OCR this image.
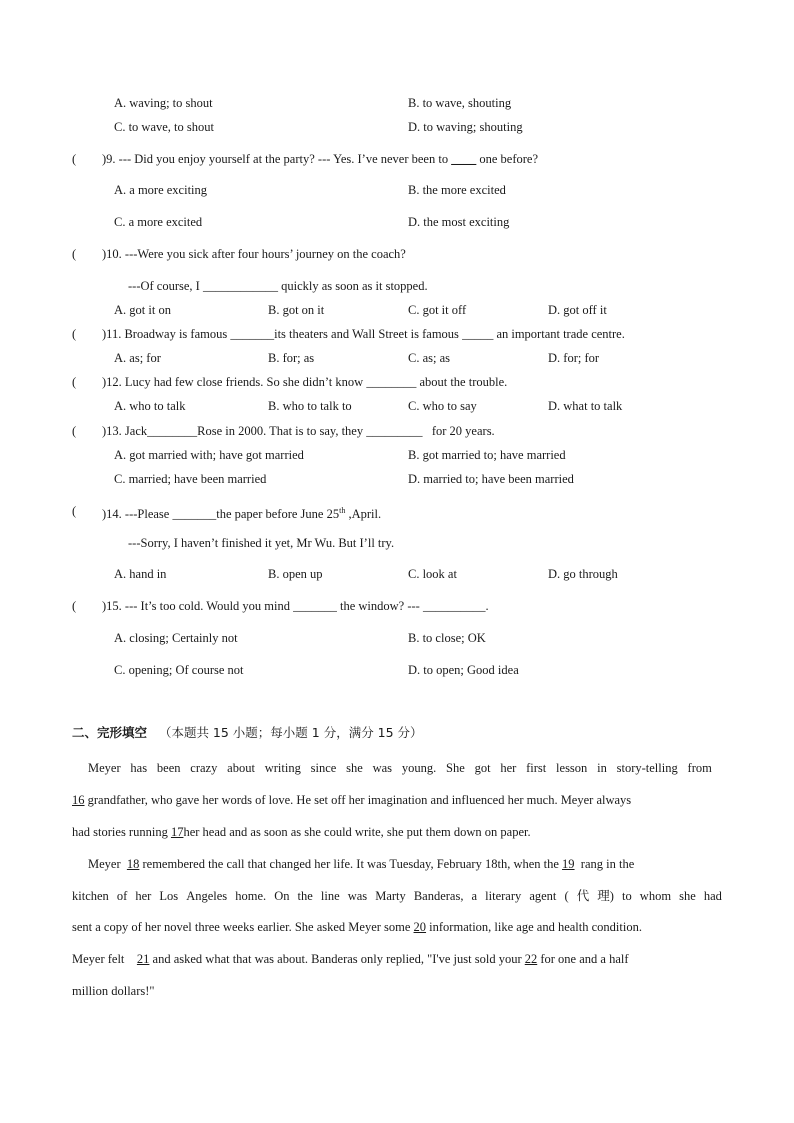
A. waving; to shout	B. to wave, shouting
C. to wave, to shout	D. to waving; shouting
( )9. --- Did you enjoy yourself at the party? --- Yes. I’ve never been to ____ one before?
A. a more exciting	B. the more excited
C. a more excited	D. the most exciting
( )10. ---Were you sick after four hours’ journey on the coach?
---Of course, I ____________ quickly as soon as it stopped.
A. got it on	B. got on it	C. got it off	D. got off it
( )11. Broadway is famous _______its theaters and Wall Street is famous _____ an important trade centre.
A. as; for	B. for; as	C. as; as	D. for; for
( )12. Lucy had few close friends. So she didn’t know ________ about the trouble.
A. who to talk	B. who to talk to	C. who to say	D. what to talk
( )13. Jack________Rose in 2000. That is to say, they _________ for 20 years.
A. got married with; have got married	B. got married to; have married
C. married; have been married	D. married to; have been married
( )14. ---Please _______the paper before June 25th ,April.
---Sorry, I haven’t finished it yet, Mr Wu. But I’ll try.
A. hand in	B. open up	C. look at	D. go through
( )15. --- It’s too cold. Would you mind _______ the window? --- __________.
A. closing; Certainly not	B. to close; OK
C. opening; Of course not	D. to open; Good idea
二、完形填空 （本题共 15 小题；每小题 1 分，满分 15 分）
Meyer has been crazy about writing since she was young. She got her first lesson in story-telling from
16 grandfather, who gave her words of love. He set off her imagination and influenced her much. Meyer always
had stories running 17her head and as soon as she could write, she put them down on paper.
Meyer 18 remembered the call that changed her life. It was Tuesday, February 18th, when the 19 rang in the
kitchen of her Los Angeles home. On the line was Marty Banderas, a literary agent ( 代 理) to whom she had
sent a copy of her novel three weeks earlier. She asked Meyer some 20 information, like age and health condition.
Meyer felt 21 and asked what that was about. Banderas only replied, "I've just sold your 22 for one and a half
million dollars!"
